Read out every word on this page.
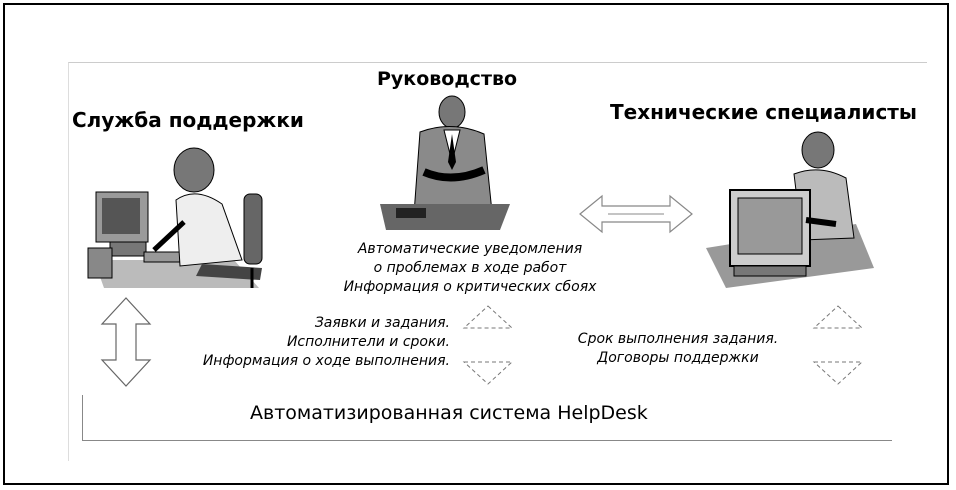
Служба поддержки
Руководство
Технические специалисты
Автоматические уведомления
о проблемах в ходе работ
Информация о критических сбоях
Заявки и задания.
Исполнители и сроки.
Информация о ходе выполнения.
Срок выполнения задания.
Договоры поддержки
Автоматизированная система HelpDesk
